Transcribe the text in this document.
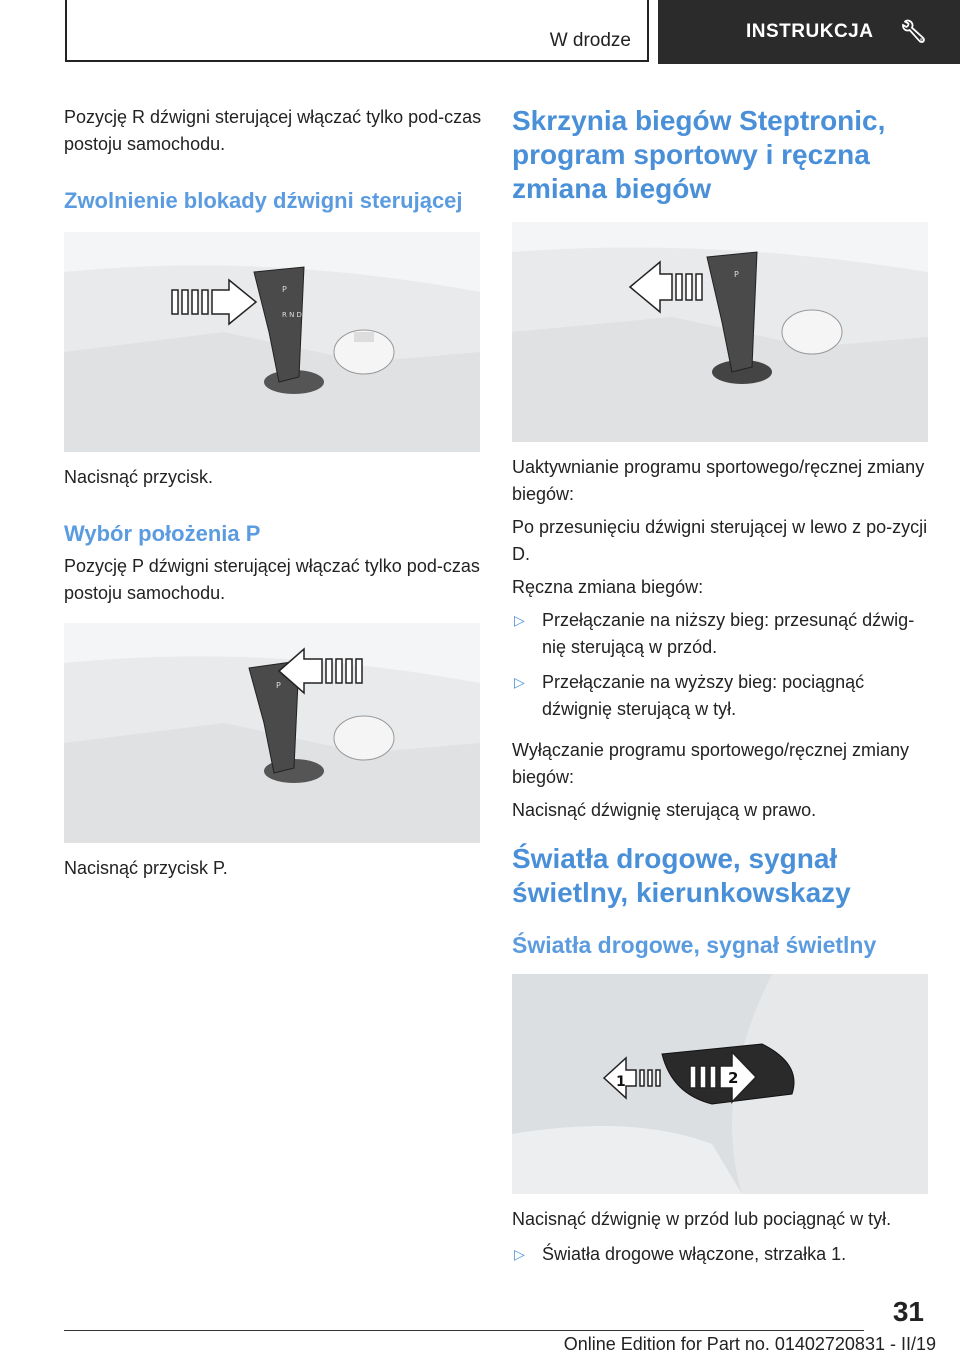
W drodze	INSTRUKCJA 🔧︎

Pozycję R dźwigni sterującej włączać tylko pod-czas postoju samochodu.

Zwolnienie blokady dźwigni sterującej
P
R N D

Nacisnąć przycisk.

Wybór położenia P

Pozycję P dźwigni sterującej włączać tylko pod-czas postoju samochodu.

P

Nacisnąć przycisk P.

Skrzynia biegów Steptronic, program sportowy i ręczna zmiana biegów
P

Uaktywnianie programu sportowego/ręcznej zmiany biegów:

Po przesunięciu dźwigni sterującej w lewo z po-zycji D.

Ręczna zmiana biegów:

▷ Przełączanie na niższy bieg: przesunąć dźwig-nię sterującą w przód.
▷ Przełączanie na wyższy bieg: pociągnąć dźwignię sterującą w tył.

Wyłączanie programu sportowego/ręcznej zmiany biegów:

Nacisnąć dźwignię sterującą w prawo.

Światła drogowe, sygnał świetlny, kierunkowskazy
Światła drogowe, sygnał świetlny
1	2

Nacisnąć dźwignię w przód lub pociągnąć w tył.

▷ Światła drogowe włączone, strzałka 1.
31
Online Edition for Part no. 01402720831 - II/19
